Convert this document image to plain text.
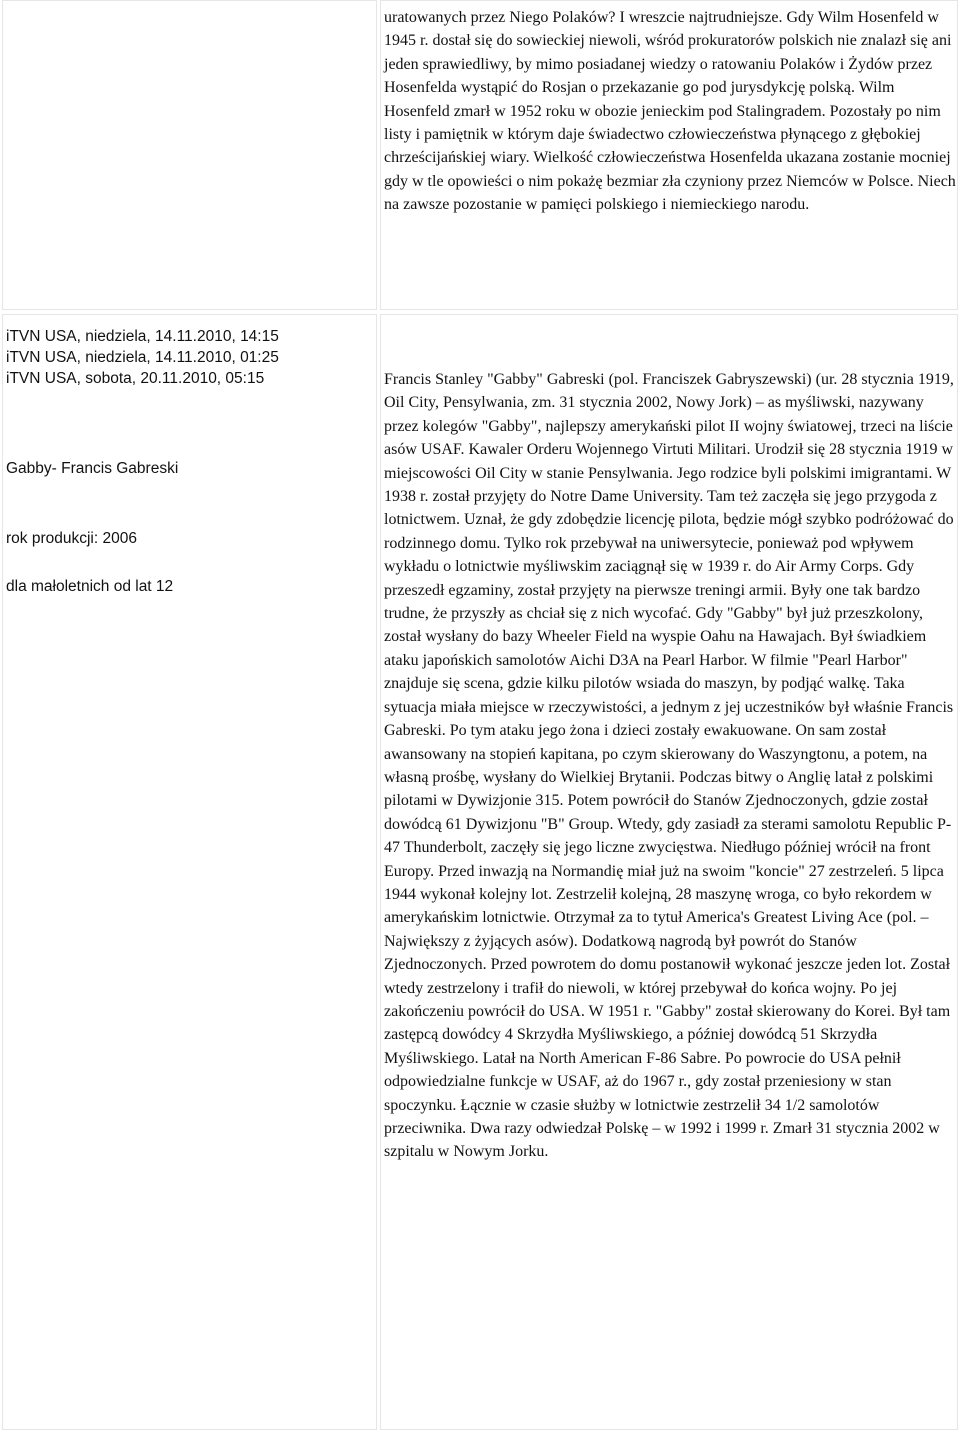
uratowanych przez Niego Polaków? I wreszcie najtrudniejsze. Gdy Wilm Hosenfeld w 1945 r. dostał się do sowieckiej niewoli, wśród prokuratorów polskich nie znalazł się ani jeden sprawiedliwy, by mimo posiadanej wiedzy o ratowaniu Polaków i Żydów przez Hosenfelda wystąpić do Rosjan o przekazanie go pod jurysdykcję polską. Wilm Hosenfeld zmarł w 1952 roku w obozie jenieckim pod Stalingradem. Pozostały po nim listy i pamiętnik w którym daje świadectwo człowieczeństwa płynącego z głębokiej chrześcijańskiej wiary. Wielkość człowieczeństwa Hosenfelda ukazana zostanie mocniej gdy w tle opowieści o nim pokażę bezmiar zła czyniony przez Niemców w Polsce. Niech na zawsze pozostanie w pamięci polskiego i niemieckiego narodu.

iTVN USA, niedziela, 14.11.2010, 14:15
iTVN USA, niedziela, 14.11.2010, 01:25
iTVN USA, sobota, 20.11.2010, 05:15
Gabby- Francis Gabreski
rok produkcji: 2006
dla małoletnich od lat 12

Francis Stanley "Gabby" Gabreski (pol. Franciszek Gabryszewski) (ur. 28 stycznia 1919, Oil City, Pensylwania, zm. 31 stycznia 2002, Nowy Jork) – as myśliwski, nazywany przez kolegów "Gabby", najlepszy amerykański pilot II wojny światowej, trzeci na liście asów USAF. Kawaler Orderu Wojennego Virtuti Militari. Urodził się 28 stycznia 1919 w miejscowości Oil City w stanie Pensylwania. Jego rodzice byli polskimi imigrantami. W 1938 r. został przyjęty do Notre Dame University. Tam też zaczęła się jego przygoda z lotnictwem. Uznał, że gdy zdobędzie licencję pilota, będzie mógł szybko podróżować do rodzinnego domu. Tylko rok przebywał na uniwersytecie, ponieważ pod wpływem wykładu o lotnictwie myśliwskim zaciągnął się w 1939 r. do Air Army Corps. Gdy przeszedł egzaminy, został przyjęty na pierwsze treningi armii. Były one tak bardzo trudne, że przyszły as chciał się z nich wycofać. Gdy "Gabby" był już przeszkolony, został wysłany do bazy Wheeler Field na wyspie Oahu na Hawajach. Był świadkiem ataku japońskich samolotów Aichi D3A na Pearl Harbor. W filmie "Pearl Harbor" znajduje się scena, gdzie kilku pilotów wsiada do maszyn, by podjąć walkę. Taka sytuacja miała miejsce w rzeczywistości, a jednym z jej uczestników był właśnie Francis Gabreski. Po tym ataku jego żona i dzieci zostały ewakuowane. On sam został awansowany na stopień kapitana, po czym skierowany do Waszyngtonu, a potem, na własną prośbę, wysłany do Wielkiej Brytanii. Podczas bitwy o Anglię latał z polskimi pilotami w Dywizjonie 315. Potem powrócił do Stanów Zjednoczonych, gdzie został dowódcą 61 Dywizjonu "B" Group. Wtedy, gdy zasiadł za sterami samolotu Republic P-47 Thunderbolt, zaczęły się jego liczne zwycięstwa. Niedługo później wrócił na front Europy. Przed inwazją na Normandię miał już na swoim "koncie" 27 zestrzeleń. 5 lipca 1944 wykonał kolejny lot. Zestrzelił kolejną, 28 maszynę wroga, co było rekordem w amerykańskim lotnictwie. Otrzymał za to tytuł America's Greatest Living Ace (pol. – Największy z żyjących asów). Dodatkową nagrodą był powrót do Stanów Zjednoczonych. Przed powrotem do domu postanowił wykonać jeszcze jeden lot. Został wtedy zestrzelony i trafił do niewoli, w której przebywał do końca wojny. Po jej zakończeniu powrócił do USA. W 1951 r. "Gabby" został skierowany do Korei. Był tam zastępcą dowódcy 4 Skrzydła Myśliwskiego, a później dowódcą 51 Skrzydła Myśliwskiego. Latał na North American F-86 Sabre. Po powrocie do USA pełnił odpowiedzialne funkcje w USAF, aż do 1967 r., gdy został przeniesiony w stan spoczynku. Łącznie w czasie służby w lotnictwie zestrzelił 34 1/2 samolotów przeciwnika. Dwa razy odwiedzał Polskę – w 1992 i 1999 r. Zmarł 31 stycznia 2002 w szpitalu w Nowym Jorku.
